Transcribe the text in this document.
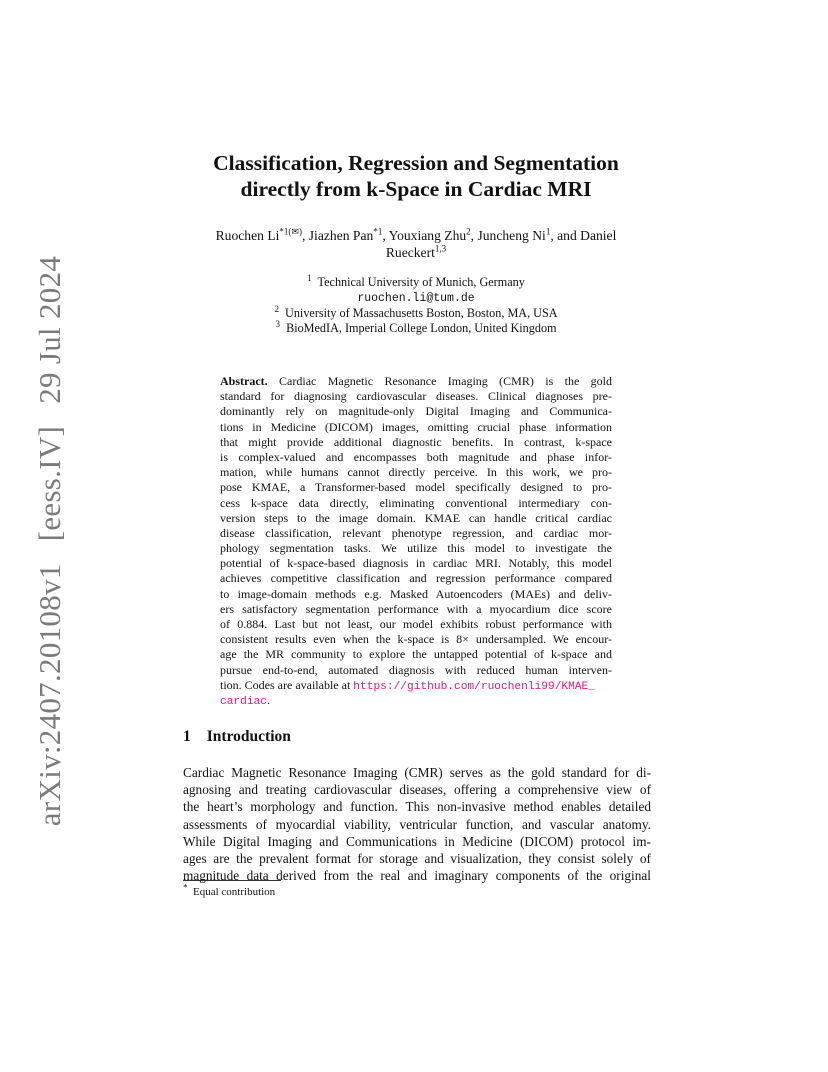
arXiv:2407.20108v1 [eess.IV] 29 Jul 2024
Classification, Regression and Segmentation
directly from k-Space in Cardiac MRI
Ruochen $Li^{*1(✉)}$, Jiazhen Pan$^{*1}$, Youxiang Zhu$^2$, Juncheng Ni$^1$, and Daniel
Rueckert$^{1,3}$
$^1$ Technical University of Munich, Germany
ruochen.li@tum.de
$^2$ University of Massachusetts Boston, Boston, MA, USA
$^3$ BioMedIA, Imperial College London, United Kingdom
Abstract. Cardiac Magnetic Resonance Imaging (CMR) is the gold
standard for diagnosing cardiovascular diseases. Clinical diagnoses pre-
dominantly rely on magnitude-only Digital Imaging and Communica-
tions in Medicine (DICOM) images, omitting crucial phase information
that might provide additional diagnostic benefits. In contrast, k-space
is complex-valued and encompasses both magnitude and phase infor-
mation, while humans cannot directly perceive. In this work, we pro-
pose KMAE, a Transformer-based model specifically designed to pro-
cess k-space data directly, eliminating conventional intermediary con-
version steps to the image domain. KMAE can handle critical cardiac
disease classification, relevant phenotype regression, and cardiac mor-
phology segmentation tasks. We utilize this model to investigate the
potential of k-space-based diagnosis in cardiac MRI. Notably, this model
achieves competitive classification and regression performance compared
to image-domain methods e.g. Masked Autoencoders (MAEs) and deliv-
ers satisfactory segmentation performance with a myocardium dice score
of 0.884. Last but not least, our model exhibits robust performance with
consistent results even when the k-space is 8× undersampled. We encour-
age the MR community to explore the untapped potential of k-space and
pursue end-to-end, automated diagnosis with reduced human interven-
tion. Codes are available at https://github.com/ruochenli99/KMAE_
cardiac.
1 Introduction
Cardiac Magnetic Resonance Imaging (CMR) serves as the gold standard for di-
agnosing and treating cardiovascular diseases, offering a comprehensive view of
the heart’s morphology and function. This non-invasive method enables detailed
assessments of myocardial viability, ventricular function, and vascular anatomy.
While Digital Imaging and Communications in Medicine (DICOM) protocol im-
ages are the prevalent format for storage and visualization, they consist solely of
magnitude data derived from the real and imaginary components of the original
* Equal contribution
